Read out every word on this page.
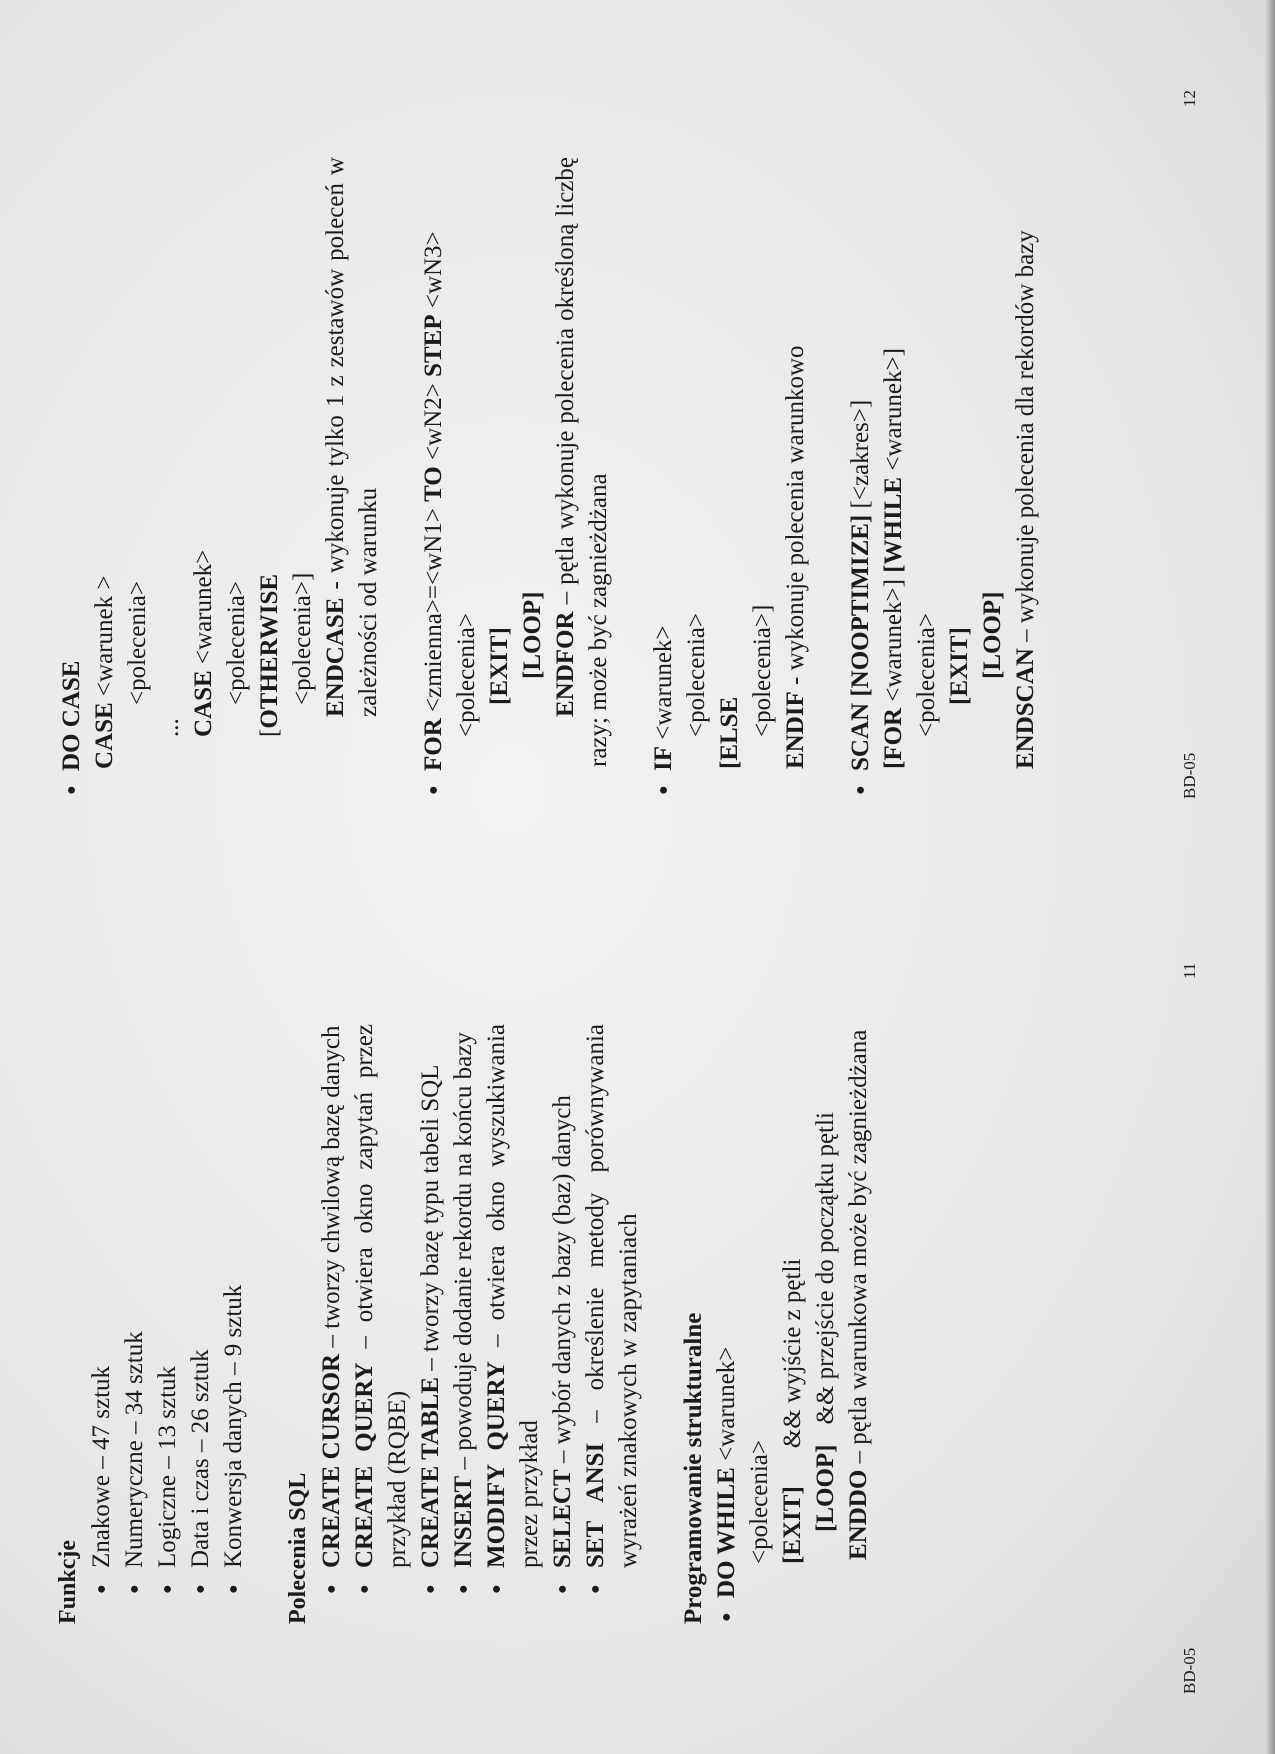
Funkcje
● Znakowe – 47 sztuk ● Numeryczne – 34 sztuk ● Logiczne – 13 sztuk ● Data i czas – 26 sztuk ● Konwersja danych – 9 sztuk Polecenia SQL ● CREATE CURSOR – tworzy chwilową bazę danych
● CREATE QUERY – otwiera okno zapytań przez przykład (RQBE) ● CREATE TABLE – tworzy bazę typu tabeli SQL
● INSERT – powoduje dodanie rekordu na końcu bazy ● MODIFY QUERY – otwiera okno wyszukiwania przez przykład ● SELECT – wybór danych z bazy (baz) danych
● SET ANSI – określenie metody porównywania wyrażeń znakowych w zapytaniach Programowanie strukturalne ● DO WHILE <warunek>
<polecenia> [EXIT]&& wyjście z pętli
[LOOP]&& przejście do początku pętli
ENDDO – pętla warunkowa może być zagnieżdżana
BD-05
11
● DO CASE CASE <warunek > <polecenia>
... CASE <warunek> <polecenia>
[OTHERWISE <polecenia>] ENDCASE - wykonuje tylko 1 z zestawów poleceń w zależności od warunku
● FOR <zmienna>=<wN1> TO <wN2> STEP <wN3>
<polecenia> [EXIT] [LOOP] ENDFOR – pętla wykonuje polecenia określoną liczbę razy; może być zagnieżdżana ● IF <warunek> <polecenia> [ELSE <polecenia>] ENDIF - wykonuje polecenia warunkowo ● SCAN [NOOPTIMIZE] [<zakres>]
[FOR <warunek>] [WHILE <warunek>]
<polecenia> [EXIT] [LOOP]
ENDSCAN – wykonuje polecenia dla rekordów bazy
BD-05
12
